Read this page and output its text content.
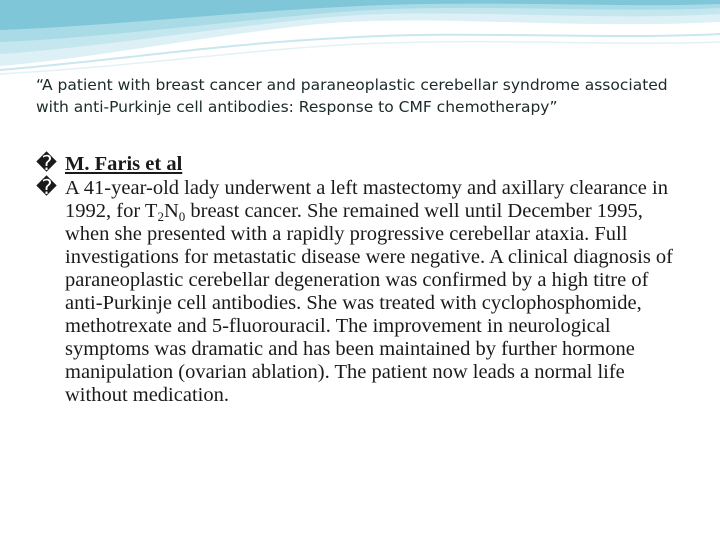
“A patient with breast cancer and paraneoplastic cerebellar syndrome associated with anti-Purkinje cell antibodies: Response to CMF chemotherapy”
� M. Faris et al
� A 41-year-old lady underwent a left mastectomy and axillary clearance in 1992, for $T_2N_0$ breast cancer. She remained well until December 1995, when she presented with a rapidly progressive cerebellar ataxia. Full investigations for metastatic disease were negative. A clinical diagnosis of paraneoplastic cerebellar degeneration was confirmed by a high titre of anti-Purkinje cell antibodies. She was treated with cyclophosphomide, methotrexate and 5-fluorouracil. The improvement in neurological symptoms was dramatic and has been maintained by further hormone manipulation (ovarian ablation). The patient now leads a normal life without medication.
